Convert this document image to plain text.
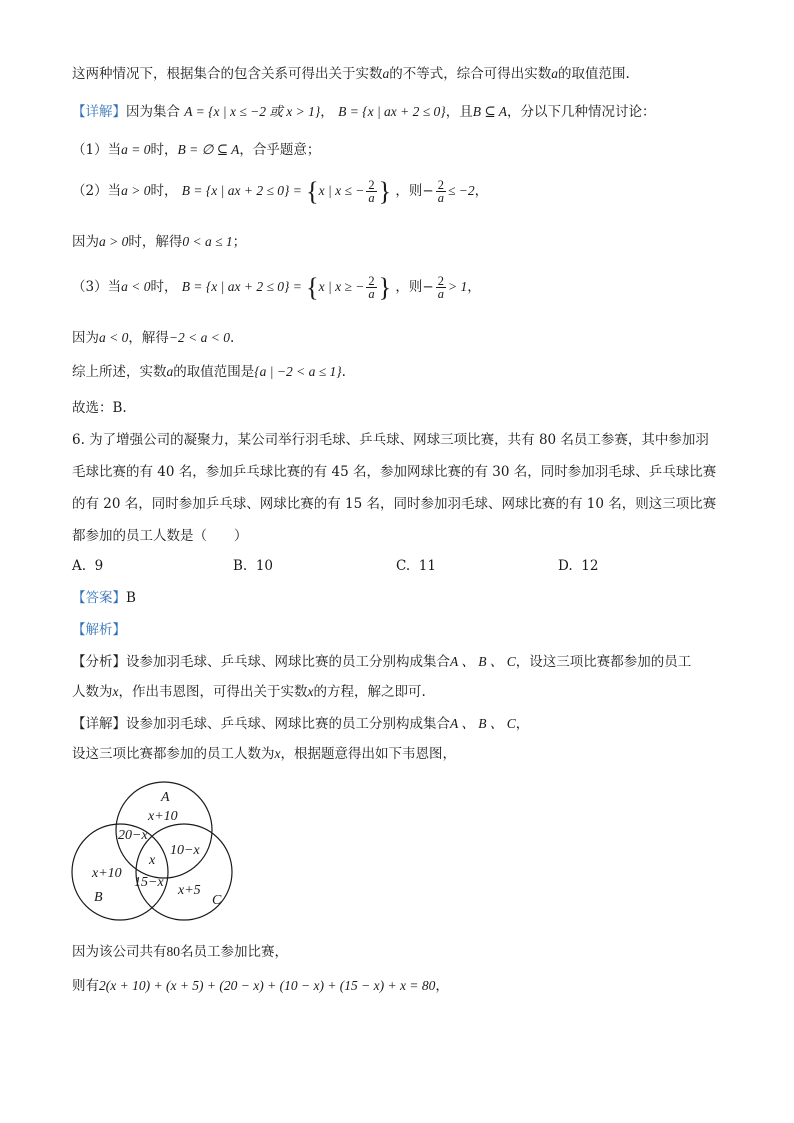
这两种情况下，根据集合的包含关系可得出关于实数a的不等式，综合可得出实数a的取值范围.
【详解】因为集合 A = {x | x ≤ −2 或 x > 1}， B = {x | ax + 2 ≤ 0}，且B ⊆ A，分以下几种情况讨论：
（1）当a = 0时，B = ∅ ⊆ A，合乎题意；
（2）当a > 0时， B = {x | ax + 2 ≤ 0} = {x | x ≤ − $\frac{2}{a}$ } ，则− $\frac{2}{a} \le -2$，
因为a > 0时，解得0 < a ≤ 1；
（3）当a < 0时， B = {x | ax + 2 ≤ 0} = {x | x ≥ − $\frac{2}{a}$ } ，则− $\frac{2}{a} > 1$，
因为a < 0，解得−2 < a < 0.
综上所述，实数a的取值范围是{a | −2 < a ≤ 1}.
故选：B.
6. 为了增强公司的凝聚力，某公司举行羽毛球、乒乓球、网球三项比赛，共有 80 名员工参赛，其中参加羽
毛球比赛的有 40 名，参加乒乓球比赛的有 45 名，参加网球比赛的有 30 名，同时参加羽毛球、乒乓球比赛
的有 20 名，同时参加乒乓球、网球比赛的有 15 名，同时参加羽毛球、网球比赛的有 10 名，则这三项比赛
都参加的员工人数是（　　）
A. 9	B. 10	C. 11	D. 12
【答案】B
【解析】
【分析】设参加羽毛球、乒乓球、网球比赛的员工分别构成集合A 、 B 、 C，设这三项比赛都参加的员工
人数为x，作出韦恩图，可得出关于实数x的方程，解之即可.
【详解】设参加羽毛球、乒乓球、网球比赛的员工分别构成集合A 、 B 、 C，
设这三项比赛都参加的员工人数为x，根据题意得出如下韦恩图，
A
x+10
20−x
10−x
x
x+10
15−x
x+5
B	C
因为该公司共有80名员工参加比赛，
则有2(x + 10) + (x + 5) + (20 − x) + (10 − x) + (15 − x) + x = 80，
